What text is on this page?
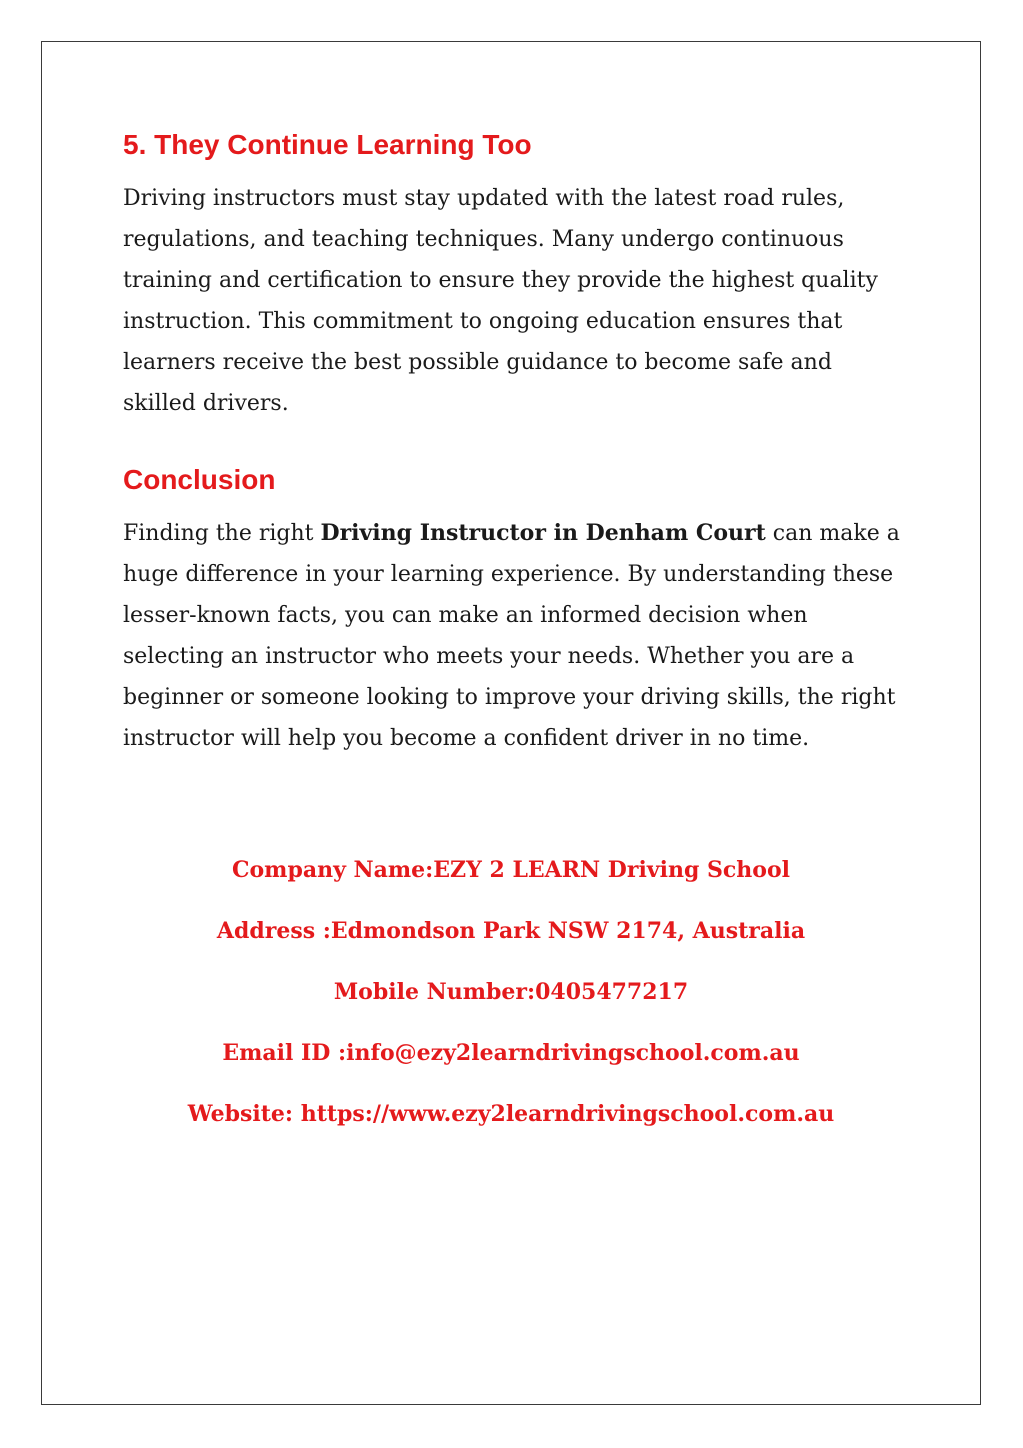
5. They Continue Learning Too

Driving instructors must stay updated with the latest road rules, regulations, and teaching techniques. Many undergo continuous training and certification to ensure they provide the highest quality instruction. This commitment to ongoing education ensures that learners receive the best possible guidance to become safe and skilled drivers.

Conclusion

Finding the right Driving Instructor in Denham Court can make a huge difference in your learning experience. By understanding these lesser-known facts, you can make an informed decision when selecting an instructor who meets your needs. Whether you are a beginner or someone looking to improve your driving skills, the right instructor will help you become a confident driver in no time.

Company Name:EZY 2 LEARN Driving School

Address :Edmondson Park NSW 2174, Australia

Mobile Number:0405477217

Email ID :info@ezy2learndrivingschool.com.au

Website: https://www.ezy2learndrivingschool.com.au
